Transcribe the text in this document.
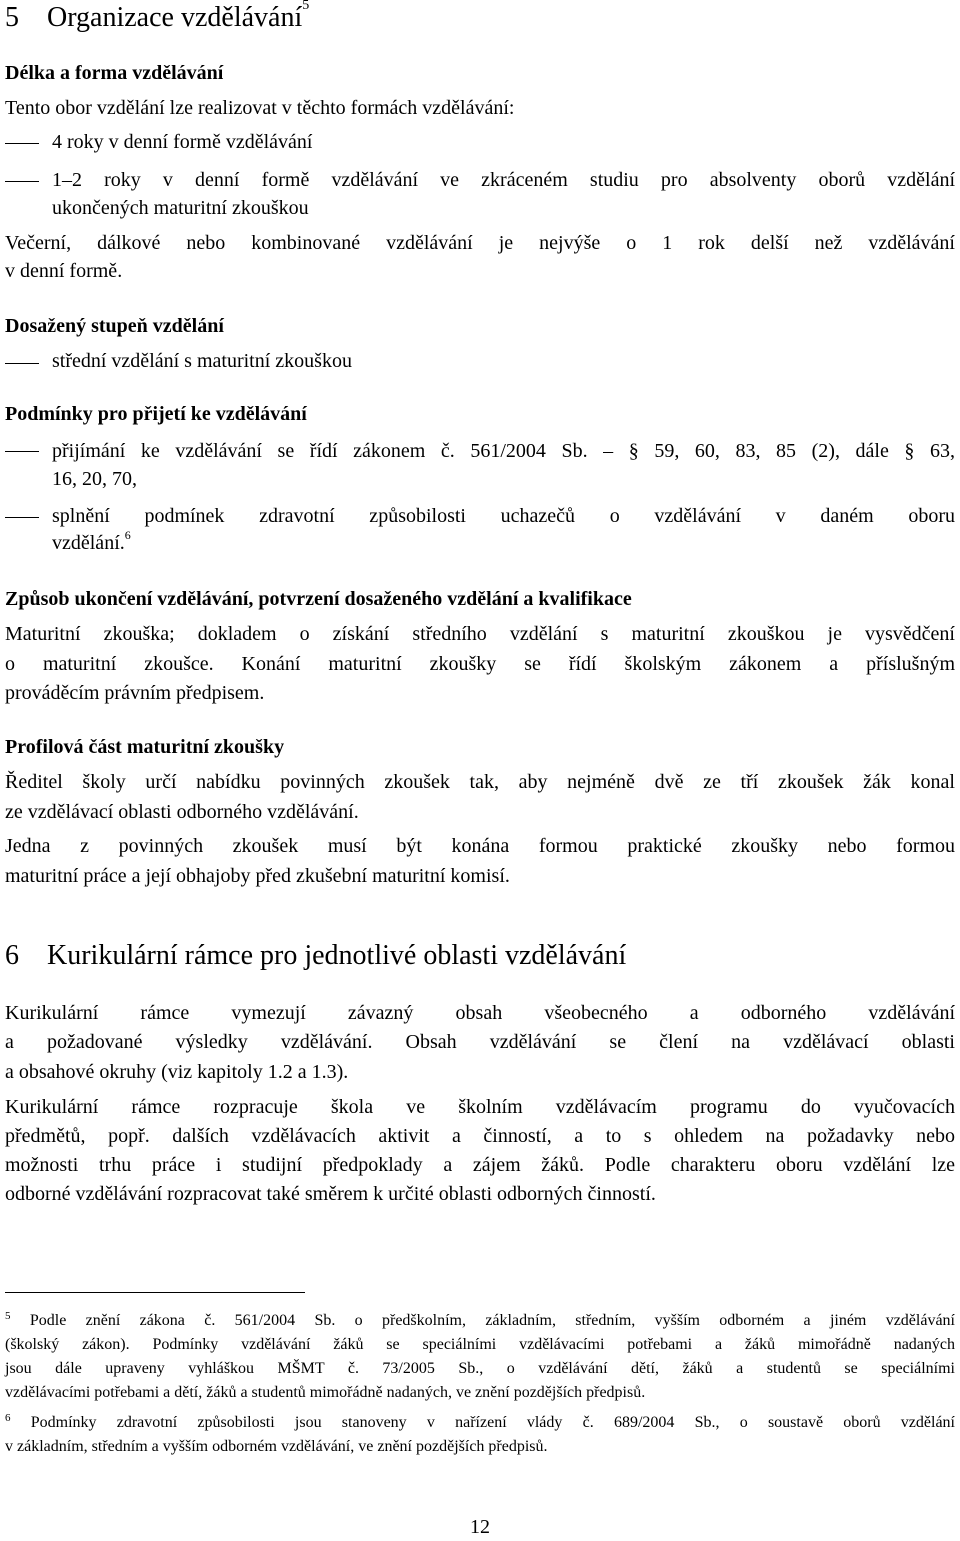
5 Organizace vzdělávání$^5$
Délka a forma vzdělávání
Tento obor vzdělání lze realizovat v těchto formách vzdělávání:
4 roky v denní formě vzdělávání
1–2 roky v denní formě vzdělávání ve zkráceném studiu pro absolventy oborů vzdělání
ukončených maturitní zkouškou
Večerní, dálkové nebo kombinované vzdělávání je nejvýše o 1 rok delší než vzdělávání
v denní formě.
Dosažený stupeň vzdělání
střední vzdělání s maturitní zkouškou
Podmínky pro přijetí ke vzdělávání
přijímání ke vzdělávání se řídí zákonem č. 561/2004 Sb. – § 59, 60, 83, 85 (2), dále § 63,
16, 20, 70,
splnění podmínek zdravotní způsobilosti uchazečů o vzdělávání v daném oboru
vzdělání.$^6$
Způsob ukončení vzdělávání, potvrzení dosaženého vzdělání a kvalifikace
Maturitní zkouška; dokladem o získání středního vzdělání s maturitní zkouškou je vysvědčení
o maturitní zkoušce. Konání maturitní zkoušky se řídí školským zákonem a příslušným
prováděcím právním předpisem.
Profilová část maturitní zkoušky
Ředitel školy určí nabídku povinných zkoušek tak, aby nejméně dvě ze tří zkoušek žák konal
ze vzdělávací oblasti odborného vzdělávání.
Jedna z povinných zkoušek musí být konána formou praktické zkoušky nebo formou
maturitní práce a její obhajoby před zkušební maturitní komisí.
6 Kurikulární rámce pro jednotlivé oblasti vzdělávání
Kurikulární rámce vymezují závazný obsah všeobecného a odborného vzdělávání
a požadované výsledky vzdělávání. Obsah vzdělávání se člení na vzdělávací oblasti
a obsahové okruhy (viz kapitoly 1.2 a 1.3).
Kurikulární rámce rozpracuje škola ve školním vzdělávacím programu do vyučovacích
předmětů, popř. dalších vzdělávacích aktivit a činností, a to s ohledem na požadavky nebo
možnosti trhu práce i studijní předpoklady a zájem žáků. Podle charakteru oboru vzdělání lze
odborné vzdělávání rozpracovat také směrem k určité oblasti odborných činností.
$^5$ Podle znění zákona č. 561/2004 Sb. o předškolním, základním, středním, vyšším odborném a jiném vzdělávání
(školský zákon). Podmínky vzdělávání žáků se speciálními vzdělávacími potřebami a žáků mimořádně nadaných
jsou dále upraveny vyhláškou MŠMT č. 73/2005 Sb., o vzdělávání dětí, žáků a studentů se speciálními
vzdělávacími potřebami a dětí, žáků a studentů mimořádně nadaných, ve znění pozdějších předpisů.
$^6$ Podmínky zdravotní způsobilosti jsou stanoveny v nařízení vlády č. 689/2004 Sb., o soustavě oborů vzdělání
v základním, středním a vyšším odborném vzdělávání, ve znění pozdějších předpisů.
12
